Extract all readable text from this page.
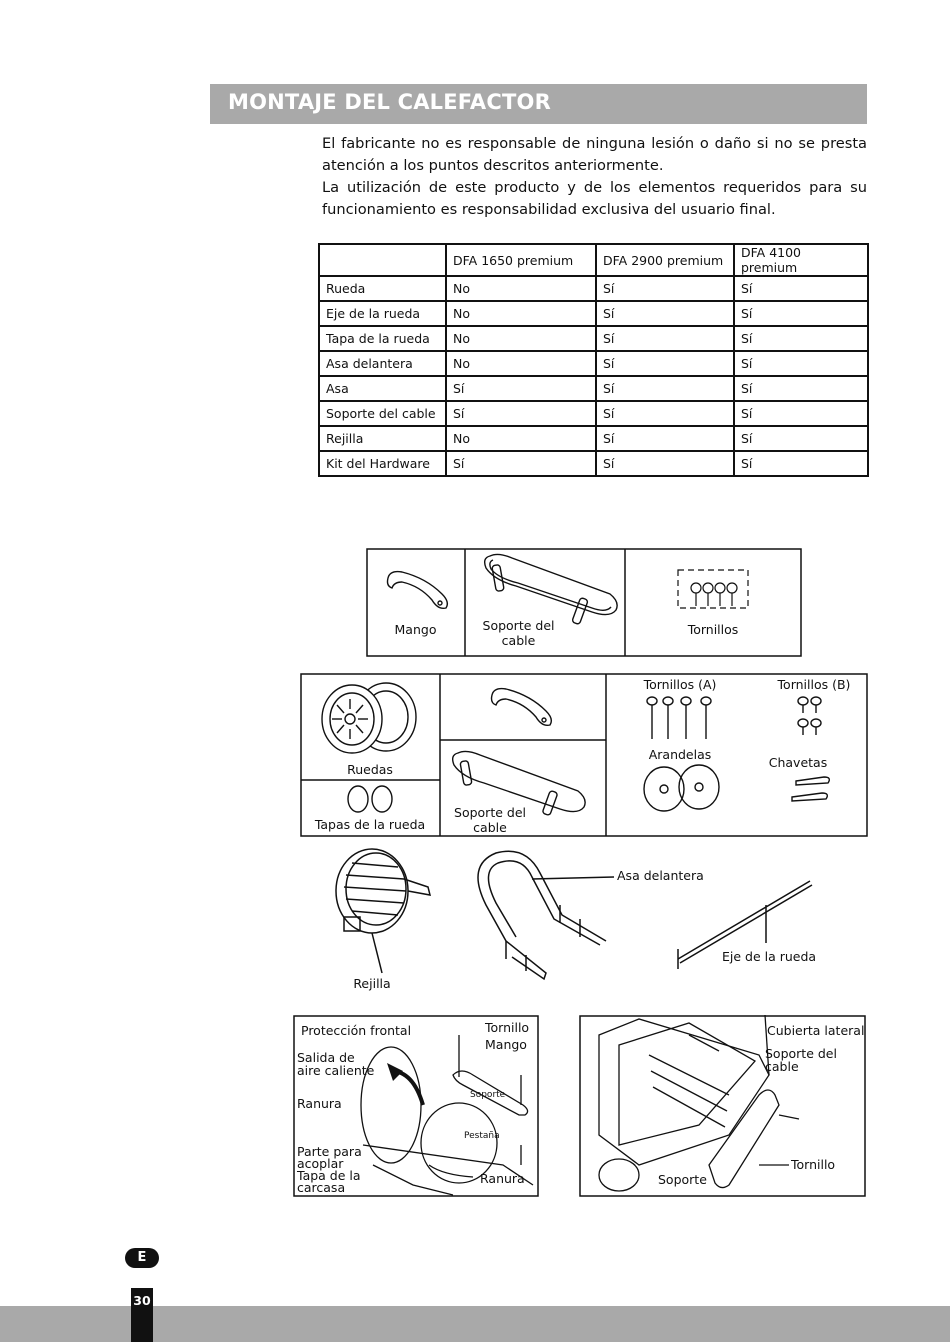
MONTAJE DEL CALEFACTOR

El fabricante no es responsable de ninguna lesión o daño si no se presta atención a los puntos descritos anteriormente.

La utilización de este producto y de los elementos requeridos para su funcionamiento es responsabilidad exclusiva del usuario final.

	DFA 1650 premium	DFA 2900 premium	DFA 4100 premium
Rueda	No	Sí	Sí
Eje de la rueda	No	Sí	Sí
Tapa de la rueda	No	Sí	Sí
Asa delantera	No	Sí	Sí
Asa	Sí	Sí	Sí
Soporte del cable	Sí	Sí	Sí
Rejilla	No	Sí	Sí
Kit del Hardware	Sí	Sí	Sí
Mango	Soporte del
cable
Tornillos
Ruedas
Tapas de la rueda
Soporte del
cable
Tornillos (A)	Tornillos (B)
Arandelas
Chavetas
Rejilla
Asa delantera
Eje de la rueda
Protección frontal	Tornillo
Mango
Salida de
aire caliente
Soporte
Ranura
Pestaña
Parte para
acoplar
Tapa de la
carcasa
Ranura
Cubierta lateral
Soporte del
cable
Tornillo
Soporte
E
30
